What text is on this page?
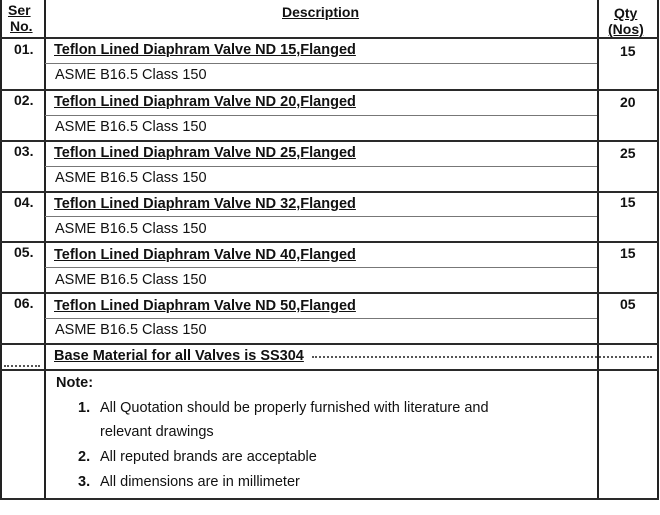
Ser
No.
Description	Qty
(Nos)
01. Teflon Lined Diaphram Valve ND 15,Flanged
ASME B16.5 Class 150
15
02. Teflon Lined Diaphram Valve ND 20,Flanged
ASME B16.5 Class 150
20
03. Teflon Lined Diaphram Valve ND 25,Flanged
ASME B16.5 Class 150
25
04. Teflon Lined Diaphram Valve ND 32,Flanged
ASME B16.5 Class 150
15
05. Teflon Lined Diaphram Valve ND 40,Flanged
ASME B16.5 Class 150
15
06. Teflon Lined Diaphram Valve ND 50,Flanged
ASME B16.5 Class 150
05
Base Material for all Valves is SS304
Note:
1. All Quotation should be properly furnished with literature and
relevant drawings
2. All reputed brands are acceptable
3. All dimensions are in millimeter
